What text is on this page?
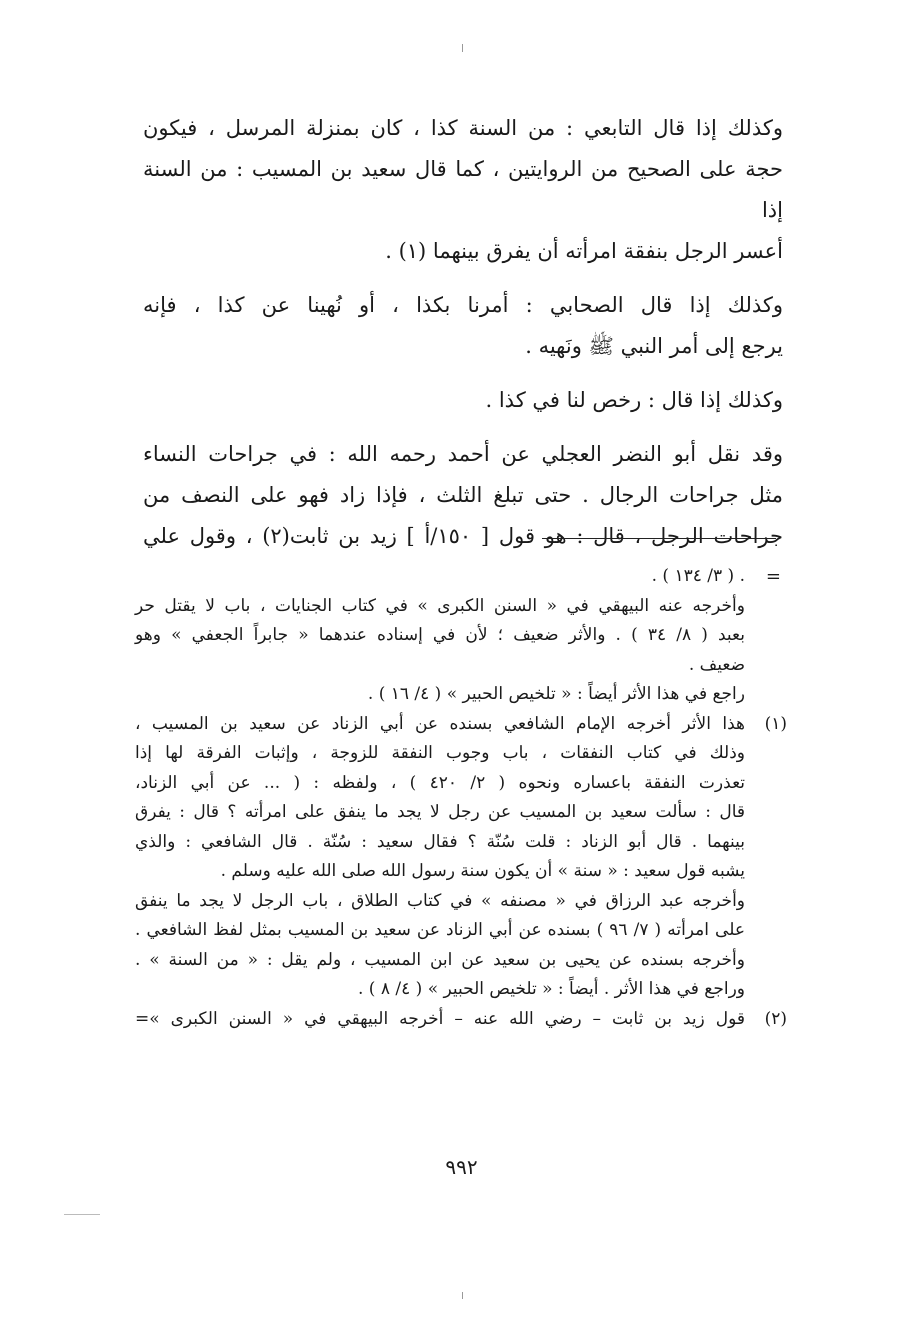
وكذلك إذا قال التابعي : من السنة كذا ، كان بمنزلة المرسل ، فيكون
حجة على الصحيح من الروايتين ، كما قال سعيد بن المسيب : من السنة إذا
أعسر الرجل بنفقة امرأته أن يفرق بينهما (١) .

وكذلك إذا قال الصحابي : أمرنا بكذا ، أو نُهينا عن كذا ، فإنه
يرجع إلى أمر النبي ﷺ ونَهيه .

وكذلك إذا قال : رخص لنا في كذا .

وقد نقل أبو النضر العجلي عن أحمد رحمه الله : في جراحات النساء
مثل جراحات الرجال . حتى تبلغ الثلث ، فإذا زاد فهو على النصف من
جراحات الرجل ، قال : هو قول [ ١٥٠/أ ] زيد بن ثابت(٢) ، وقول علي

=
. ( ٣/ ١٣٤ ) .
وأخرجه عنه البيهقي في « السنن الكبرى » في كتاب الجنايات ، باب لا يقتل حر
بعبد ( ٨/ ٣٤ ) . والأثر ضعيف ؛ لأن في إسناده عندهما « جابراً الجعفي » وهو
ضعيف .
راجع في هذا الأثر أيضاً : « تلخيص الحبير » ( ٤/ ١٦ ) .
(١)
هذا الأثر أخرجه الإمام الشافعي بسنده عن أبي الزناد عن سعيد بن المسيب ،
وذلك في كتاب النفقات ، باب وجوب النفقة للزوجة ، وإثبات الفرقة لها إذا
تعذرت النفقة باعساره ونحوه ( ٢/ ٤٢٠ ) ، ولفظه : ( ... عن أبي الزناد،
قال : سألت سعيد بن المسيب عن رجل لا يجد ما ينفق على امرأته ؟ قال : يفرق
بينهما . قال أبو الزناد : قلت سُنّة ؟ فقال سعيد : سُنّة . قال الشافعي : والذي
يشبه قول سعيد : « سنة » أن يكون سنة رسول الله صلى الله عليه وسلم .
وأخرجه عبد الرزاق في « مصنفه » في كتاب الطلاق ، باب الرجل لا يجد ما ينفق
على امرأته ( ٧/ ٩٦ ) بسنده عن أبي الزناد عن سعيد بن المسيب بمثل لفظ الشافعي .
وأخرجه بسنده عن يحيى بن سعيد عن ابن المسيب ، ولم يقل : « من السنة » .
وراجع في هذا الأثر . أيضاً : « تلخيص الحبير » ( ٤/ ٨ ) .
(٢)
قول زيد بن ثابت – رضي الله عنه – أخرجه البيهقي في « السنن الكبرى »=
٩٩٢
